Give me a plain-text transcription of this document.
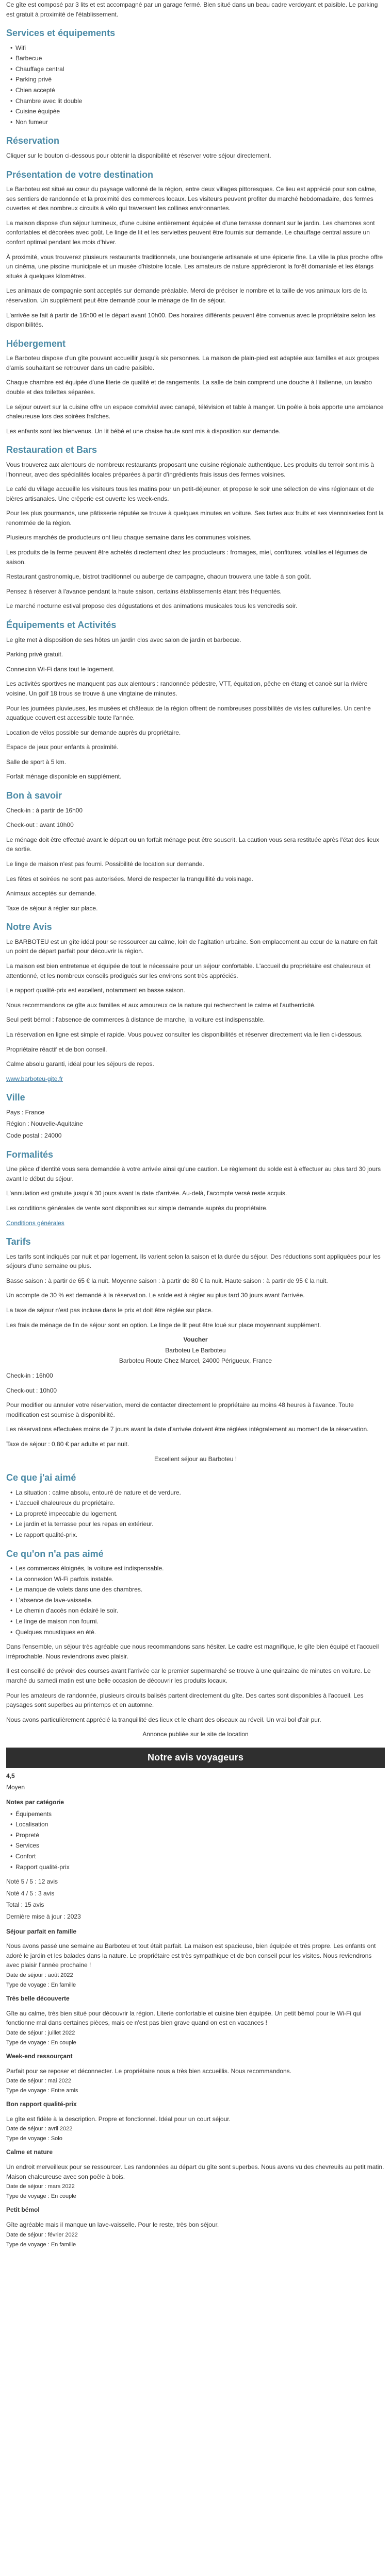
Ce gîte est composé par 3 lits et est accompagné par un garage fermé. Bien situé dans un beau cadre verdoyant et paisible. Le parking est gratuit à proximité de l'établissement.

Services et équipements
• Wifi
• Barbecue
• Chauffage central
• Parking privé
• Chien accepté
• Chambre avec lit double
• Cuisine équipée
• Non fumeur
Réservation

Cliquer sur le bouton ci-dessous pour obtenir la disponibilité et réserver votre séjour directement.

Présentation de votre destination

Le Barboteu est situé au cœur du paysage vallonné de la région, entre deux villages pittoresques. Ce lieu est apprécié pour son calme, ses sentiers de randonnée et la proximité des commerces locaux. Les visiteurs peuvent profiter du marché hebdomadaire, des fermes ouvertes et des nombreux circuits à vélo qui traversent les collines environnantes.

La maison dispose d'un séjour lumineux, d'une cuisine entièrement équipée et d'une terrasse donnant sur le jardin. Les chambres sont confortables et décorées avec goût. Le linge de lit et les serviettes peuvent être fournis sur demande. Le chauffage central assure un confort optimal pendant les mois d'hiver.

À proximité, vous trouverez plusieurs restaurants traditionnels, une boulangerie artisanale et une épicerie fine. La ville la plus proche offre un cinéma, une piscine municipale et un musée d'histoire locale. Les amateurs de nature apprécieront la forêt domaniale et les étangs situés à quelques kilomètres.

Les animaux de compagnie sont acceptés sur demande préalable. Merci de préciser le nombre et la taille de vos animaux lors de la réservation. Un supplément peut être demandé pour le ménage de fin de séjour.

L'arrivée se fait à partir de 16h00 et le départ avant 10h00. Des horaires différents peuvent être convenus avec le propriétaire selon les disponibilités.

Hébergement

Le Barboteu dispose d'un gîte pouvant accueillir jusqu'à six personnes. La maison de plain-pied est adaptée aux familles et aux groupes d'amis souhaitant se retrouver dans un cadre paisible.

Chaque chambre est équipée d'une literie de qualité et de rangements. La salle de bain comprend une douche à l'italienne, un lavabo double et des toilettes séparées.

Le séjour ouvert sur la cuisine offre un espace convivial avec canapé, télévision et table à manger. Un poêle à bois apporte une ambiance chaleureuse lors des soirées fraîches.

Les enfants sont les bienvenus. Un lit bébé et une chaise haute sont mis à disposition sur demande.

Restauration et Bars

Vous trouverez aux alentours de nombreux restaurants proposant une cuisine régionale authentique. Les produits du terroir sont mis à l'honneur, avec des spécialités locales préparées à partir d'ingrédients frais issus des fermes voisines.

Le café du village accueille les visiteurs tous les matins pour un petit-déjeuner, et propose le soir une sélection de vins régionaux et de bières artisanales. Une crêperie est ouverte les week-ends.

Pour les plus gourmands, une pâtisserie réputée se trouve à quelques minutes en voiture. Ses tartes aux fruits et ses viennoiseries font la renommée de la région.

Plusieurs marchés de producteurs ont lieu chaque semaine dans les communes voisines.

Les produits de la ferme peuvent être achetés directement chez les producteurs : fromages, miel, confitures, volailles et légumes de saison.

Restaurant gastronomique, bistrot traditionnel ou auberge de campagne, chacun trouvera une table à son goût.

Pensez à réserver à l'avance pendant la haute saison, certains établissements étant très fréquentés.

Le marché nocturne estival propose des dégustations et des animations musicales tous les vendredis soir.

Équipements et Activités

Le gîte met à disposition de ses hôtes un jardin clos avec salon de jardin et barbecue.

Parking privé gratuit.

Connexion Wi-Fi dans tout le logement.

Les activités sportives ne manquent pas aux alentours : randonnée pédestre, VTT, équitation, pêche en étang et canoë sur la rivière voisine. Un golf 18 trous se trouve à une vingtaine de minutes.

Pour les journées pluvieuses, les musées et châteaux de la région offrent de nombreuses possibilités de visites culturelles. Un centre aquatique couvert est accessible toute l'année.

Location de vélos possible sur demande auprès du propriétaire.

Espace de jeux pour enfants à proximité.

Salle de sport à 5 km.

Forfait ménage disponible en supplément.

Bon à savoir

Check-in : à partir de 16h00

Check-out : avant 10h00

Le ménage doit être effectué avant le départ ou un forfait ménage peut être souscrit. La caution vous sera restituée après l'état des lieux de sortie.

Le linge de maison n'est pas fourni. Possibilité de location sur demande.

Les fêtes et soirées ne sont pas autorisées. Merci de respecter la tranquillité du voisinage.

Animaux acceptés sur demande.

Taxe de séjour à régler sur place.

Notre Avis

Le BARBOTEU est un gîte idéal pour se ressourcer au calme, loin de l'agitation urbaine. Son emplacement au cœur de la nature en fait un point de départ parfait pour découvrir la région.

La maison est bien entretenue et équipée de tout le nécessaire pour un séjour confortable. L'accueil du propriétaire est chaleureux et attentionné, et les nombreux conseils prodigués sur les environs sont très appréciés.

Le rapport qualité-prix est excellent, notamment en basse saison.

Nous recommandons ce gîte aux familles et aux amoureux de la nature qui recherchent le calme et l'authenticité.

Seul petit bémol : l'absence de commerces à distance de marche, la voiture est indispensable.

La réservation en ligne est simple et rapide. Vous pouvez consulter les disponibilités et réserver directement via le lien ci-dessous.

Propriétaire réactif et de bon conseil.

Calme absolu garanti, idéal pour les séjours de repos.

www.barboteu-gite.fr

Ville

Pays : France

Région : Nouvelle-Aquitaine

Code postal : 24000

Formalités

Une pièce d'identité vous sera demandée à votre arrivée ainsi qu'une caution. Le règlement du solde est à effectuer au plus tard 30 jours avant le début du séjour.

L'annulation est gratuite jusqu'à 30 jours avant la date d'arrivée. Au-delà, l'acompte versé reste acquis.

Les conditions générales de vente sont disponibles sur simple demande auprès du propriétaire.

Conditions générales

Tarifs

Les tarifs sont indiqués par nuit et par logement. Ils varient selon la saison et la durée du séjour. Des réductions sont appliquées pour les séjours d'une semaine ou plus.

Basse saison : à partir de 65 € la nuit. Moyenne saison : à partir de 80 € la nuit. Haute saison : à partir de 95 € la nuit.

Un acompte de 30 % est demandé à la réservation. Le solde est à régler au plus tard 30 jours avant l'arrivée.

La taxe de séjour n'est pas incluse dans le prix et doit être réglée sur place.

Les frais de ménage de fin de séjour sont en option. Le linge de lit peut être loué sur place moyennant supplément.

Voucher

Barboteu Le Barboteu

Barboteu Route Chez Marcel, 24000 Périgueux, France

Check-in : 16h00

Check-out : 10h00

Pour modifier ou annuler votre réservation, merci de contacter directement le propriétaire au moins 48 heures à l'avance. Toute modification est soumise à disponibilité.

Les réservations effectuées moins de 7 jours avant la date d'arrivée doivent être réglées intégralement au moment de la réservation.

Taxe de séjour : 0,80 € par adulte et par nuit.

Excellent séjour au Barboteu !

Ce que j'ai aimé
• La situation : calme absolu, entouré de nature et de verdure.
• L'accueil chaleureux du propriétaire.
• La propreté impeccable du logement.
• Le jardin et la terrasse pour les repas en extérieur.
• Le rapport qualité-prix.
Ce qu'on n'a pas aimé
• Les commerces éloignés, la voiture est indispensable.
• La connexion Wi-Fi parfois instable.
• Le manque de volets dans une des chambres.
• L'absence de lave-vaisselle.
• Le chemin d'accès non éclairé le soir.
• Le linge de maison non fourni.
• Quelques moustiques en été.

Dans l'ensemble, un séjour très agréable que nous recommandons sans hésiter. Le cadre est magnifique, le gîte bien équipé et l'accueil irréprochable. Nous reviendrons avec plaisir.

Il est conseillé de prévoir des courses avant l'arrivée car le premier supermarché se trouve à une quinzaine de minutes en voiture. Le marché du samedi matin est une belle occasion de découvrir les produits locaux.

Pour les amateurs de randonnée, plusieurs circuits balisés partent directement du gîte. Des cartes sont disponibles à l'accueil. Les paysages sont superbes au printemps et en automne.

Nous avons particulièrement apprécié la tranquillité des lieux et le chant des oiseaux au réveil. Un vrai bol d'air pur.

Annonce publiée sur le site de location

Notre avis voyageurs

4,5

Moyen

Notes par catégorie
• Équipements
• Localisation
• Propreté
• Services
• Confort
• Rapport qualité-prix

Noté 5 / 5 : 12 avis

Noté 4 / 5 : 3 avis

Total : 15 avis

Dernière mise à jour : 2023

Séjour parfait en famille

Nous avons passé une semaine au Barboteu et tout était parfait. La maison est spacieuse, bien équipée et très propre. Les enfants ont adoré le jardin et les balades dans la nature. Le propriétaire est très sympathique et de bon conseil pour les visites. Nous reviendrons avec plaisir l'année prochaine !

Date de séjour : août 2022

Type de voyage : En famille

Très belle découverte

Gîte au calme, très bien situé pour découvrir la région. Literie confortable et cuisine bien équipée. Un petit bémol pour le Wi-Fi qui fonctionne mal dans certaines pièces, mais ce n'est pas bien grave quand on est en vacances !

Date de séjour : juillet 2022

Type de voyage : En couple

Week-end ressourçant

Parfait pour se reposer et déconnecter. Le propriétaire nous a très bien accueillis. Nous recommandons.

Date de séjour : mai 2022

Type de voyage : Entre amis

Bon rapport qualité-prix

Le gîte est fidèle à la description. Propre et fonctionnel. Idéal pour un court séjour.

Date de séjour : avril 2022

Type de voyage : Solo

Calme et nature

Un endroit merveilleux pour se ressourcer. Les randonnées au départ du gîte sont superbes. Nous avons vu des chevreuils au petit matin. Maison chaleureuse avec son poêle à bois.

Date de séjour : mars 2022

Type de voyage : En couple

Petit bémol

Gîte agréable mais il manque un lave-vaisselle. Pour le reste, très bon séjour.

Date de séjour : février 2022

Type de voyage : En famille
